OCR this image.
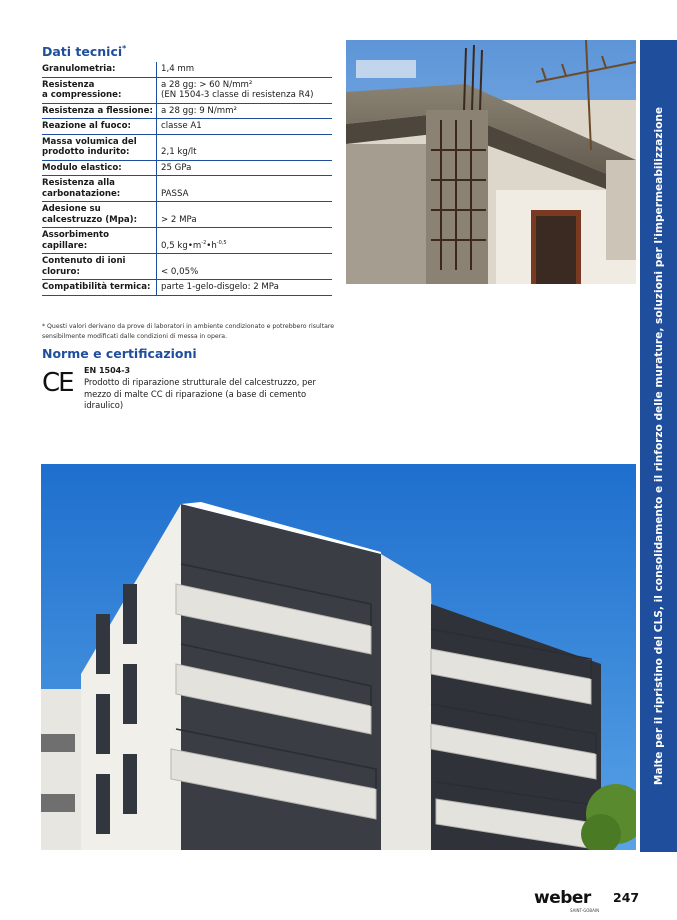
Dati tecnici*
Granulometria:	1,4 mm
Resistenza
a compressione:	a 28 gg: > 60 N/mm²
(EN 1504-3 classe di resistenza R4)
Resistenza a flessione:	a 28 gg: 9 N/mm²
Reazione al fuoco:	classe A1
Massa volumica del
prodotto indurito:	2,1 kg/lt
Modulo elastico:	25 GPa
Resistenza alla
carbonatazione:	PASSA
Adesione su
calcestruzzo (Mpa):	> 2 MPa
Assorbimento
capillare:	0,5 $kg•m^{-2}•h^{-0,5}$
Contenuto di ioni
cloruro:	< 0,05%
Compatibilità termica:	parte 1-gelo-disgelo: 2 MPa
* Questi valori derivano da prove di laboratori in ambiente condizionato e potrebbero risultare sensibilmente modificati dalle condizioni di messa in opera.
Norme e certificazioni
CE EN 1504-3
Prodotto di riparazione strutturale del calcestruzzo, per mezzo di malte CC di riparazione (a base di cemento idraulico)	Malte per il ripristino del CLS, il consolidamento e il rinforzo delle murature, soluzioni per l'impermeabilizzazione
weber
SAINT-GOBAIN
247
